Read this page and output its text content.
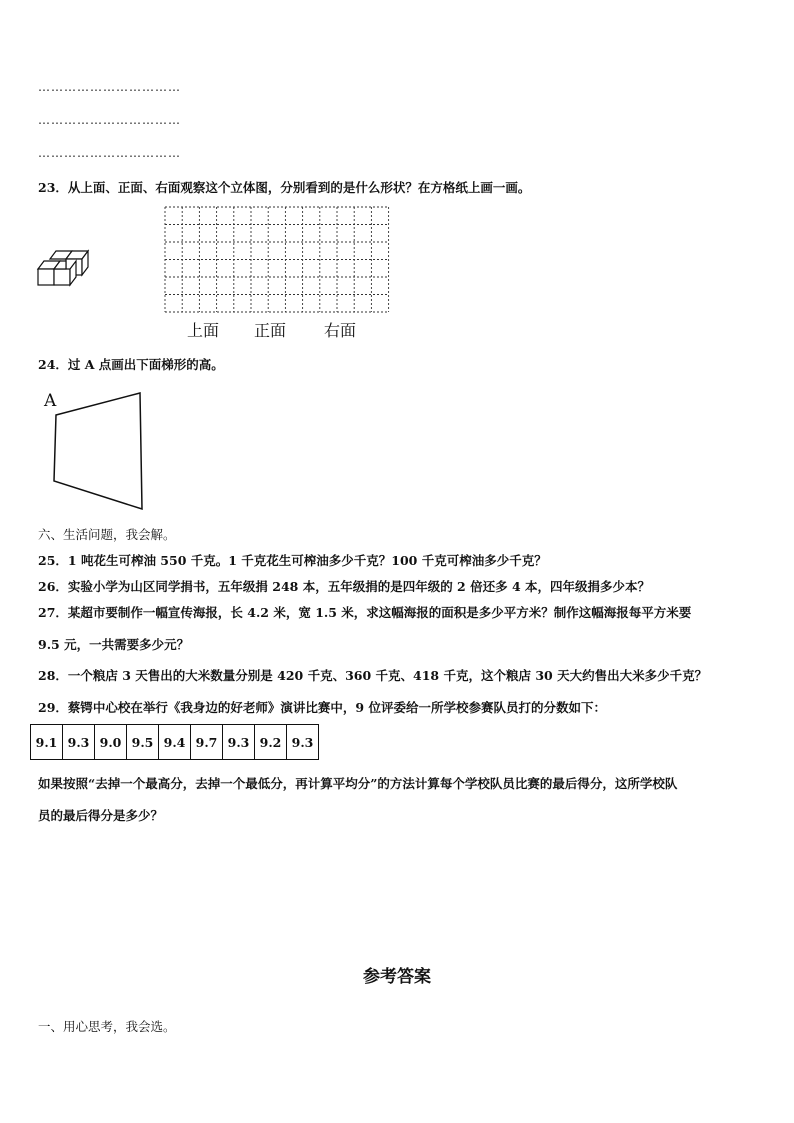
……………………………
……………………………
……………………………
23．从上面、正面、右面观察这个立体图，分别看到的是什么形状？在方格纸上画一画。
上面 正面 右面
24．过 A 点画出下面梯形的高。
A
六、生活问题，我会解。
25．1 吨花生可榨油 550 千克。1 千克花生可榨油多少千克？100 千克可榨油多少千克？
26．实验小学为山区同学捐书，五年级捐 248 本，五年级捐的是四年级的 2 倍还多 4 本，四年级捐多少本？
27．某超市要制作一幅宣传海报，长 4.2 米，宽 1.5 米，求这幅海报的面积是多少平方米？制作这幅海报每平方米要
9.5 元，一共需要多少元？
28．一个粮店 3 天售出的大米数量分别是 420 千克、360 千克、418 千克，这个粮店 30 天大约售出大米多少千克？
29．蔡锷中心校在举行《我身边的好老师》演讲比赛中，9 位评委给一所学校参赛队员打的分数如下：
9.1	9.3	9.0	9.5	9.4	9.7	9.3	9.2	9.3
如果按照“去掉一个最高分，去掉一个最低分，再计算平均分”的方法计算每个学校队员比赛的最后得分，这所学校队
员的最后得分是多少？
参考答案
一、用心思考，我会选。
